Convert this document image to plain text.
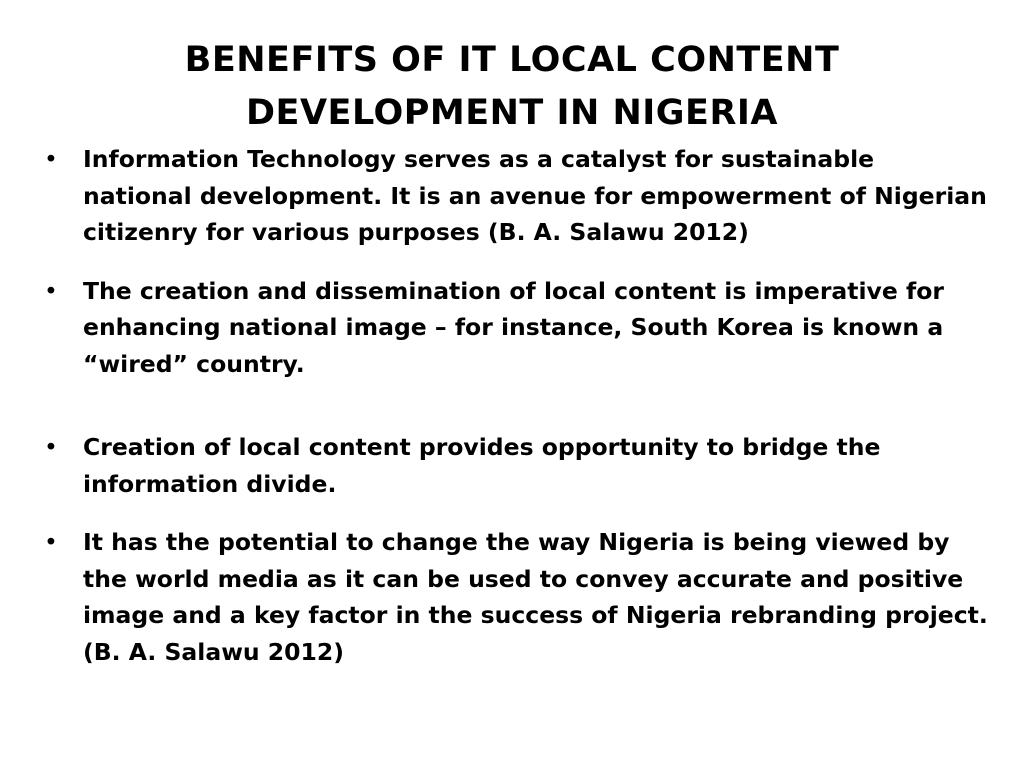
BENEFITS OF IT LOCAL CONTENT DEVELOPMENT IN NIGERIA
• Information Technology serves as a catalyst for sustainable national development. It is an avenue for empowerment of Nigerian citizenry for various purposes (B. A. Salawu 2012)
• The creation and dissemination of local content is imperative for enhancing national image – for instance, South Korea is known a “wired” country.
• Creation of local content provides opportunity to bridge the information divide.
• It has the potential to change the way Nigeria is being viewed by the world media as it can be used to convey accurate and positive image and a key factor in the success of Nigeria rebranding project. (B. A. Salawu 2012)
